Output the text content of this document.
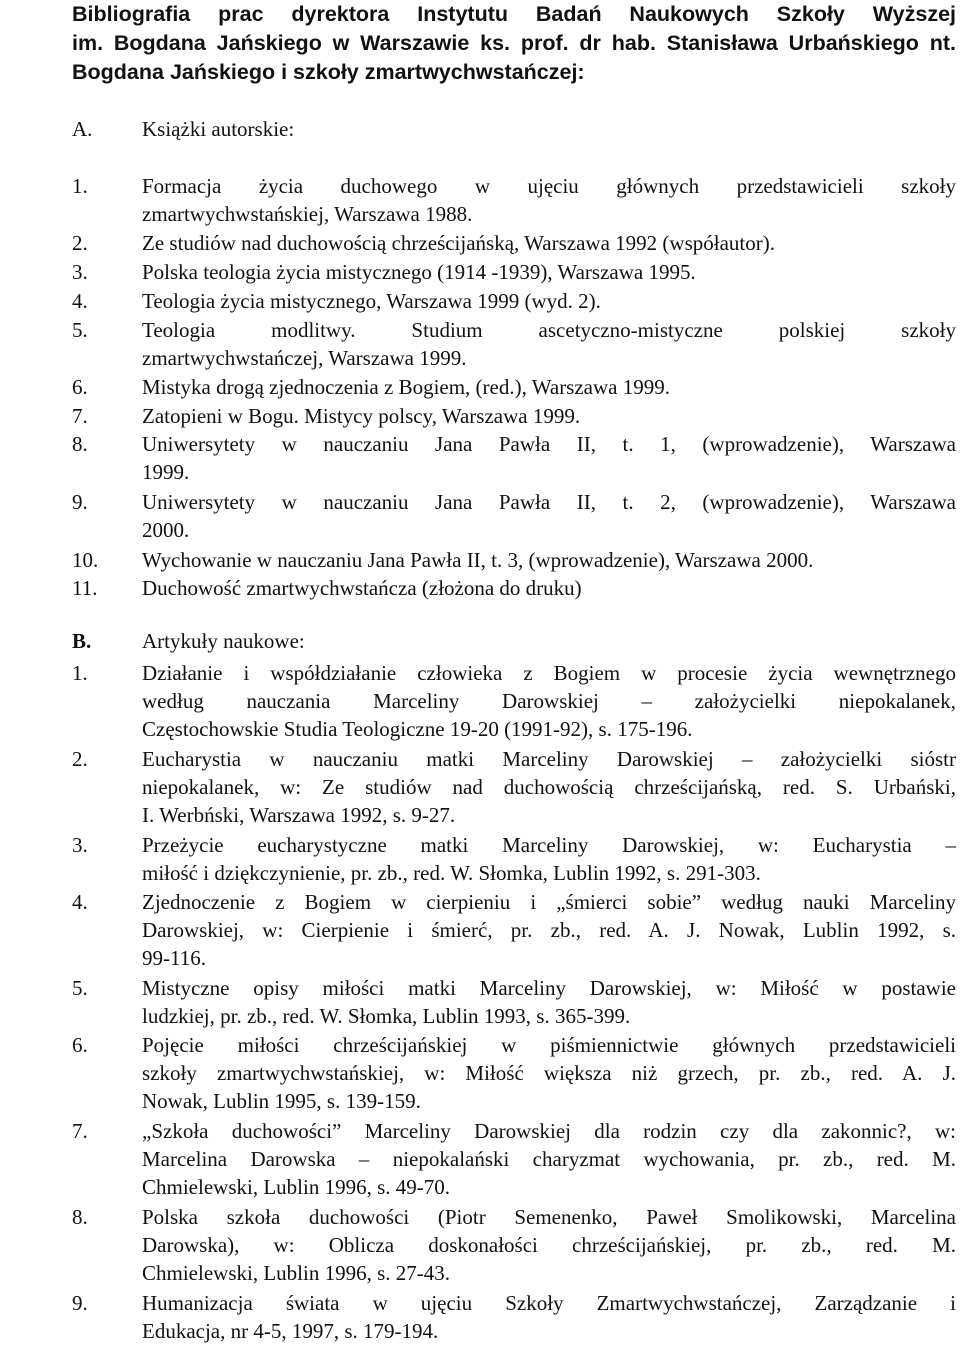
Bibliografia prac dyrektora Instytutu Badań Naukowych Szkoły Wyższej
im. Bogdana Jańskiego w Warszawie ks. prof. dr hab. Stanisława Urbańskiego nt.
Bogdana Jańskiego i szkoły zmartwychwstańczej:
A. Książki autorskie:
1.	Formacja życia duchowego w ujęciu głównych przedstawicieli szkoły
zmartwychwstańskiej, Warszawa 1988.
2.	Ze studiów nad duchowością chrześcijańską, Warszawa 1992 (współautor).
3.	Polska teologia życia mistycznego (1914 -1939), Warszawa 1995.
4.	Teologia życia mistycznego, Warszawa 1999 (wyd. 2).
5.	Teologia modlitwy. Studium ascetyczno-mistyczne polskiej szkoły
zmartwychwstańczej, Warszawa 1999.
6.	Mistyka drogą zjednoczenia z Bogiem, (red.), Warszawa 1999.
7.	Zatopieni w Bogu. Mistycy polscy, Warszawa 1999.
8.	Uniwersytety w nauczaniu Jana Pawła II, t. 1, (wprowadzenie), Warszawa
1999.
9.	Uniwersytety w nauczaniu Jana Pawła II, t. 2, (wprowadzenie), Warszawa
2000.
10. Wychowanie w nauczaniu Jana Pawła II, t. 3, (wprowadzenie), Warszawa 2000.
11. Duchowość zmartwychwstańcza (złożona do druku)
B. Artykuły naukowe:
1.	Działanie i współdziałanie człowieka z Bogiem w procesie życia wewnętrznego
według nauczania Marceliny Darowskiej – założycielki niepokalanek,
Częstochowskie Studia Teologiczne 19-20 (1991-92), s. 175-196.
2.	Eucharystia w nauczaniu matki Marceliny Darowskiej – założycielki sióstr
niepokalanek, w: Ze studiów nad duchowością chrześcijańską, red. S. Urbański,
I. Werbński, Warszawa 1992, s. 9-27.
3.	Przeżycie eucharystyczne matki Marceliny Darowskiej, w: Eucharystia –
miłość i dziękczynienie, pr. zb., red. W. Słomka, Lublin 1992, s. 291-303.
4.	Zjednoczenie z Bogiem w cierpieniu i „śmierci sobie” według nauki Marceliny
Darowskiej, w: Cierpienie i śmierć, pr. zb., red. A. J. Nowak, Lublin 1992, s.
99-116.
5.	Mistyczne opisy miłości matki Marceliny Darowskiej, w: Miłość w postawie
ludzkiej, pr. zb., red. W. Słomka, Lublin 1993, s. 365-399.
6.	Pojęcie miłości chrześcijańskiej w piśmiennictwie głównych przedstawicieli
szkoły zmartwychwstańskiej, w: Miłość większa niż grzech, pr. zb., red. A. J.
Nowak, Lublin 1995, s. 139-159.
7.	„Szkoła duchowości” Marceliny Darowskiej dla rodzin czy dla zakonnic?, w:
Marcelina Darowska – niepokalański charyzmat wychowania, pr. zb., red. M.
Chmielewski, Lublin 1996, s. 49-70.
8.	Polska szkoła duchowości (Piotr Semenenko, Paweł Smolikowski, Marcelina
Darowska), w: Oblicza doskonałości chrześcijańskiej, pr. zb., red. M.
Chmielewski, Lublin 1996, s. 27-43.
9.	Humanizacja świata w ujęciu Szkoły Zmartwychwstańczej, Zarządzanie i
Edukacja, nr 4-5, 1997, s. 179-194.
